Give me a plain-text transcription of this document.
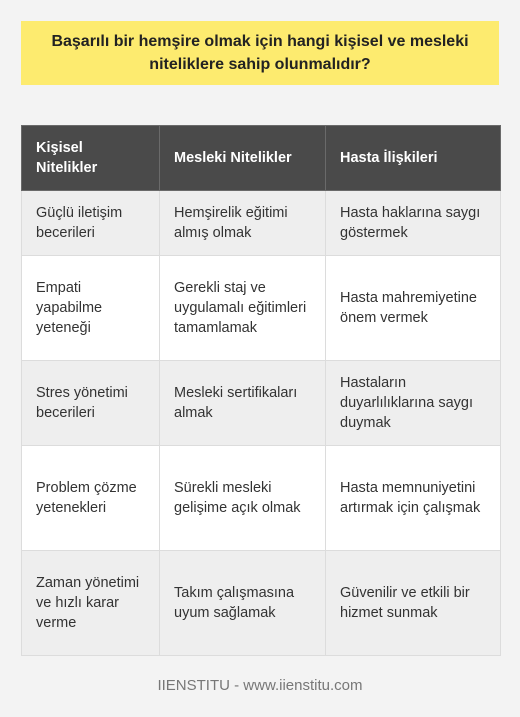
Başarılı bir hemşire olmak için hangi kişisel ve mesleki niteliklere sahip olunmalıdır?
Kişisel Nitelikler	Mesleki Nitelikler	Hasta İlişkileri
Güçlü iletişim becerileri	Hemşirelik eğitimi almış olmak	Hasta haklarına saygı göstermek
Empati yapabilme yeteneği	Gerekli staj ve uygulamalı eğitimleri tamamlamak	Hasta mahremiyetine önem vermek
Stres yönetimi becerileri	Mesleki sertifikaları almak	Hastaların duyarlılıklarına saygı duymak
Problem çözme yetenekleri	Sürekli mesleki gelişime açık olmak	Hasta memnuniyetini artırmak için çalışmak
Zaman yönetimi ve hızlı karar verme	Takım çalışmasına uyum sağlamak	Güvenilir ve etkili bir hizmet sunmak
IIENSTITU - www.iienstitu.com
